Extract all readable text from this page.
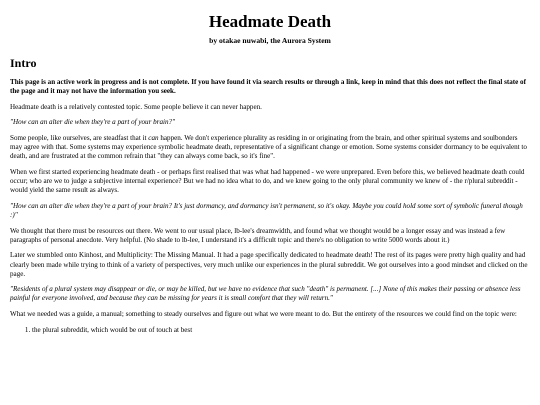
Headmate Death
by otakae nuwabi, the Aurora System
Intro

This page is an active work in progress and is not complete. If you have found it via search results or through a link, keep in mind that this does not reflect the final state of the page and it may not have the information you seek.

Headmate death is a relatively contested topic. Some people believe it can never happen.

"How can an alter die when they're a part of your brain?"

Some people, like ourselves, are steadfast that it can happen. We don't experience plurality as residing in or originating from the brain, and other spiritual systems and soulbonders may agree with that. Some systems may experience symbolic headmate death, representative of a significant change or emotion. Some systems consider dormancy to be equivalent to death, and are frustrated at the common refrain that "they can always come back, so it's fine".

When we first started experiencing headmate death - or perhaps first realised that was what had happened - we were unprepared. Even before this, we believed headmate death could occur; who are we to judge a subjective internal experience? But we had no idea what to do, and we knew going to the only plural community we knew of - the r/plural subreddit - would yield the same result as always.

"How can an alter die when they're a part of your brain? It's just dormancy, and dormancy isn't permanent, so it's okay. Maybe you could hold some sort of symbolic funeral though :)"

We thought that there must be resources out there. We went to our usual place, lb-lee's dreamwidth, and found what we thought would be a longer essay and was instead a few paragraphs of personal anecdote. Very helpful. (No shade to lb-lee, I understand it's a difficult topic and there's no obligation to write 5000 words about it.)

Later we stumbled onto Kinhost, and Multiplicity: The Missing Manual. It had a page specifically dedicated to headmate death! The rest of its pages were pretty high quality and had clearly been made while trying to think of a variety of perspectives, very much unlike our experiences in the plural subreddit. We got ourselves into a good mindset and clicked on the page.

"Residents of a plural system may disappear or die, or may be killed, but we have no evidence that such "death" is permanent. [...] None of this makes their passing or absence less painful for everyone involved, and because they can be missing for years it is small comfort that they will return."

What we needed was a guide, a manual; something to steady ourselves and figure out what we were meant to do. But the entirety of the resources we could find on the topic were:

1. the plural subreddit, which would be out of touch at best
